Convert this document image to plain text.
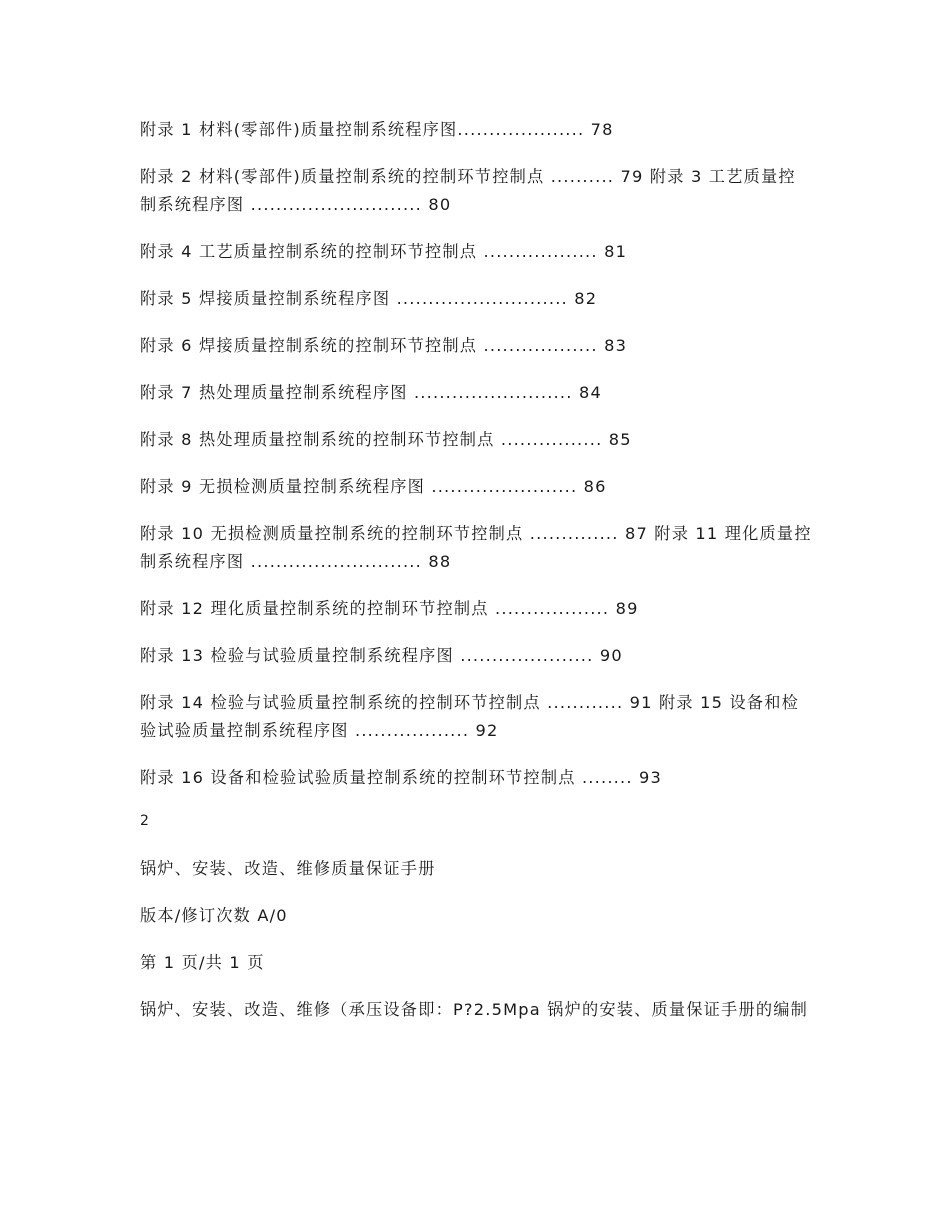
附录 1 材料(零部件)质量控制系统程序图.................... 78

附录 2 材料(零部件)质量控制系统的控制环节控制点 .......... 79 附录 3 工艺质量控制系统程序图 ........................... 80

附录 4 工艺质量控制系统的控制环节控制点 .................. 81

附录 5 焊接质量控制系统程序图 ........................... 82

附录 6 焊接质量控制系统的控制环节控制点 .................. 83

附录 7 热处理质量控制系统程序图 ......................... 84

附录 8 热处理质量控制系统的控制环节控制点 ................ 85

附录 9 无损检测质量控制系统程序图 ....................... 86

附录 10 无损检测质量控制系统的控制环节控制点 .............. 87 附录 11 理化质量控制系统程序图 ........................... 88

附录 12 理化质量控制系统的控制环节控制点 .................. 89

附录 13 检验与试验质量控制系统程序图 ..................... 90

附录 14 检验与试验质量控制系统的控制环节控制点 ............ 91 附录 15 设备和检验试验质量控制系统程序图 .................. 92

附录 16 设备和检验试验质量控制系统的控制环节控制点 ........ 93

2

锅炉、安装、改造、维修质量保证手册

版本/修订次数 A/0

第 1 页/共 1 页

锅炉、安装、改造、维修（承压设备即：P?2.5Mpa 锅炉的安装、质量保证手册的编制
